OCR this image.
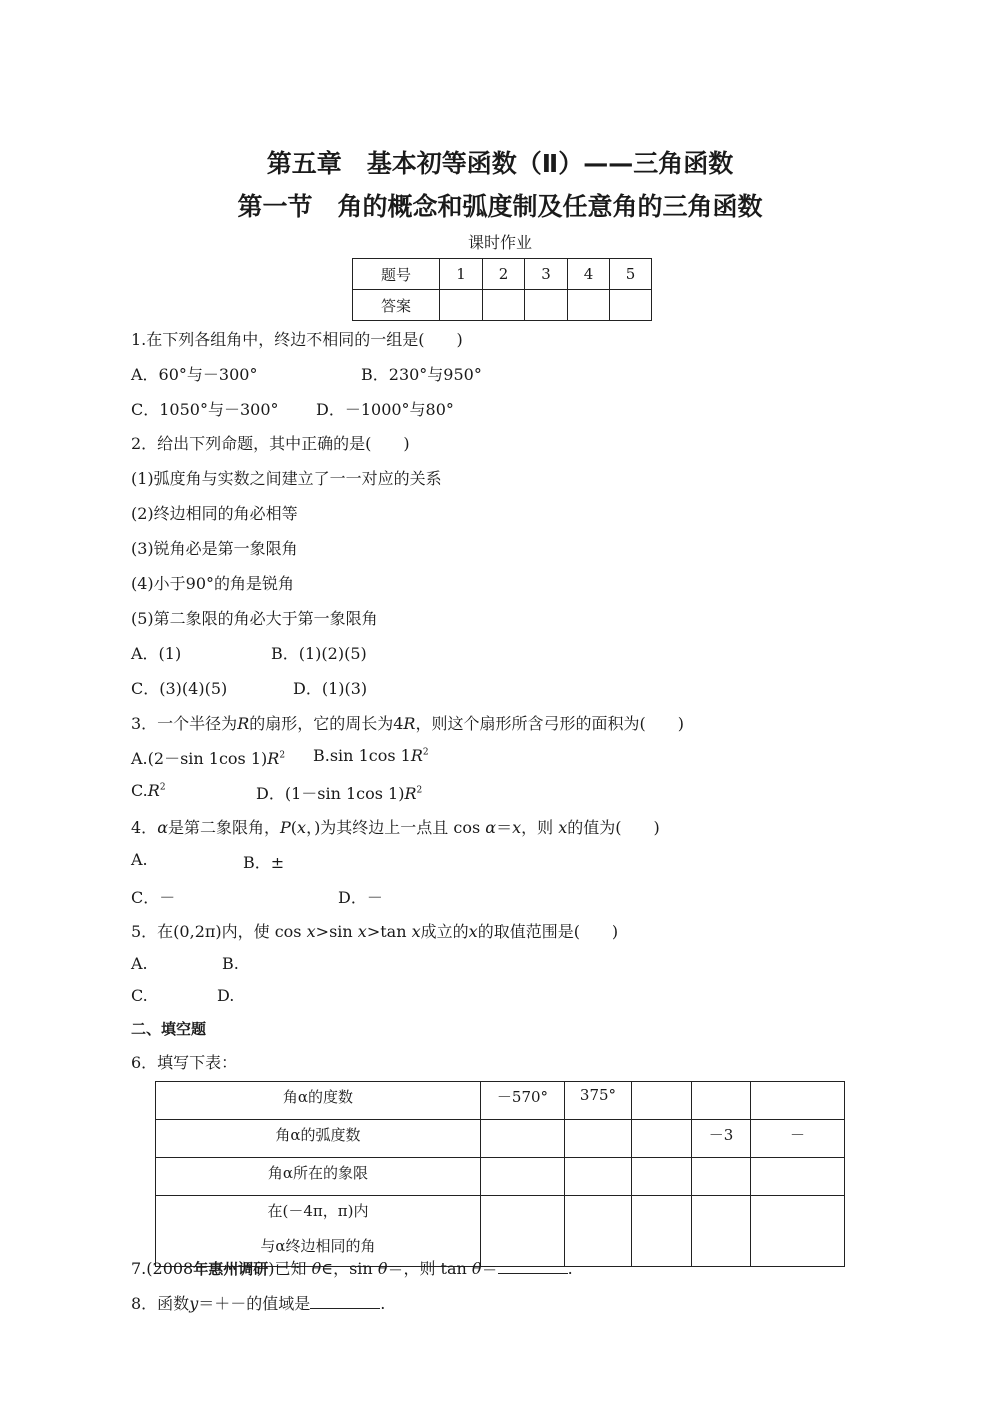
第五章　基本初等函数（Ⅱ）——三角函数
第一节　角的概念和弧度制及任意角的三角函数
课时作业
题号	1	2	3	4	5
答案					
1.在下列各组角中，终边不相同的一组是(　　)
A．60°与－300°	B．230°与950°
C．1050°与－300° D．－1000°与80°
2．给出下列命题，其中正确的是(　　)
(1)弧度角与实数之间建立了一一对应的关系
(2)终边相同的角必相等
(3)锐角必是第一象限角
(4)小于90°的角是锐角
(5)第二象限的角必大于第一象限角
A．(1)	B．(1)(2)(5)
C．(3)(4)(5)	D．(1)(3)
3．一个半径为R的扇形，它的周长为4R，则这个扇形所含弓形的面积为(　　)
A.(2－sin 1cos $1)R^2$ B.sin 1cos $1R^2$
$C.R^2$	D．(1－sin 1cos $1)R^2$
4．α是第二象限角，P(x，)为其终边上一点且 cos α＝x，则 x的值为(　　)
A.	B．±
C．－	D．－
5．在(0,2π)内，使 cos x>sin x>tan x成立的x的取值范围是(　　)
A.	B.
C.	D.
二、填空题
6．填写下表：
角α的度数	－570°	375°			
角α的弧度数				－3	－
角α所在的象限					

在(－4π，π)内
与α终边相同的角					

7.(2008年惠州调研)已知 θ∈，sin θ＝，则 tan θ＝	.
8．函数y＝＋－的值域是	.
